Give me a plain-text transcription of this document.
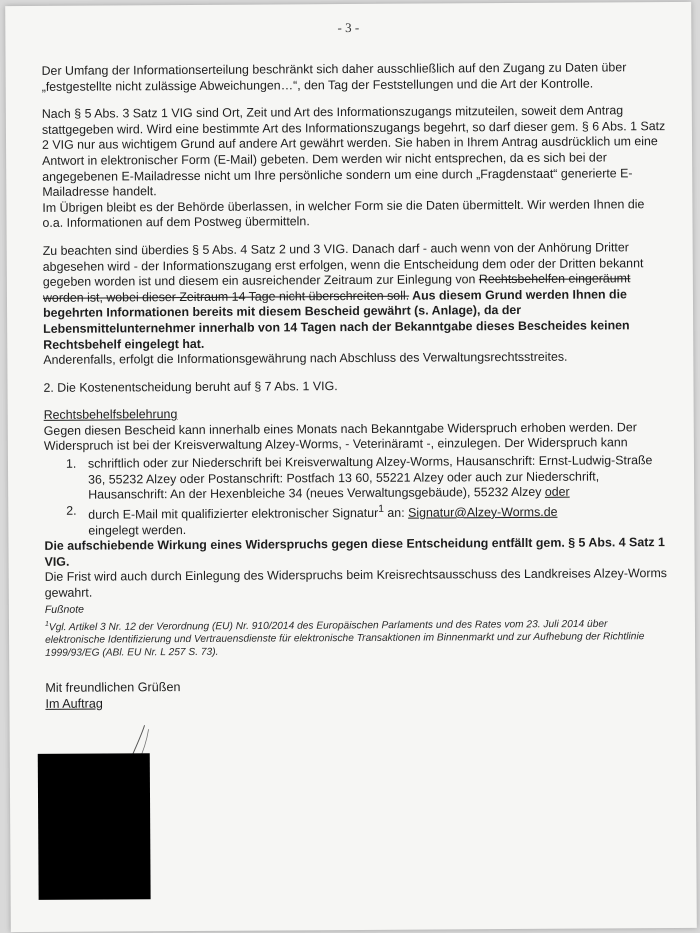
- 3 -

Der Umfang der Informationserteilung beschränkt sich daher ausschließlich auf den Zugang zu Daten über „festgestellte nicht zulässige Abweichungen…“, den Tag der Feststellungen und die Art der Kontrolle.

Nach § 5 Abs. 3 Satz 1 VIG sind Ort, Zeit und Art des Informationszugangs mitzuteilen, soweit dem Antrag stattgegeben wird. Wird eine bestimmte Art des Informationszugangs begehrt, so darf dieser gem. § 6 Abs. 1 Satz 2 VIG nur aus wichtigem Grund auf andere Art gewährt werden. Sie haben in Ihrem Antrag ausdrücklich um eine Antwort in elektronischer Form (E-Mail) gebeten. Dem werden wir nicht entsprechen, da es sich bei der angegebenen E-Mailadresse nicht um Ihre persönliche sondern um eine durch „Fragdenstaat“ generierte E-Mailadresse handelt.

Im Übrigen bleibt es der Behörde überlassen, in welcher Form sie die Daten übermittelt. Wir werden Ihnen die o.a. Informationen auf dem Postweg übermitteln.

Zu beachten sind überdies § 5 Abs. 4 Satz 2 und 3 VIG. Danach darf - auch wenn von der Anhörung Dritter abgesehen wird - der Informationszugang erst erfolgen, wenn die Entscheidung dem oder der Dritten bekannt gegeben worden ist und diesem ein ausreichender Zeitraum zur Einlegung von Rechtsbehelfen eingeräumt worden ist, wobei dieser Zeitraum 14 Tage nicht überschreiten soll. Aus diesem Grund werden Ihnen die begehrten Informationen bereits mit diesem Bescheid gewährt (s. Anlage), da der Lebensmittelunternehmer innerhalb von 14 Tagen nach der Bekanntgabe dieses Bescheides keinen Rechtsbehelf eingelegt hat.
Anderenfalls, erfolgt die Informationsgewährung nach Abschluss des Verwaltungsrechtsstreites.

2. Die Kostenentscheidung beruht auf § 7 Abs. 1 VIG.

Rechtsbehelfsbelehrung
Gegen diesen Bescheid kann innerhalb eines Monats nach Bekanntgabe Widerspruch erhoben werden. Der Widerspruch ist bei der Kreisverwaltung Alzey-Worms, - Veterinäramt -, einzulegen. Der Widerspruch kann
1. schriftlich oder zur Niederschrift bei Kreisverwaltung Alzey-Worms, Hausanschrift: Ernst-Ludwig-Straße 36, 55232 Alzey oder Postanschrift: Postfach 13 60, 55221 Alzey oder auch zur Niederschrift, Hausanschrift: An der Hexenbleiche 34 (neues Verwaltungsgebäude), 55232 Alzey oder
2. durch E-Mail mit qualifizierter elektronischer Signatur$^1$ an: Signatur@Alzey-Worms.de
eingelegt werden.
Die aufschiebende Wirkung eines Widerspruchs gegen diese Entscheidung entfällt gem. § 5 Abs. 4 Satz 1 VIG.
Die Frist wird auch durch Einlegung des Widerspruchs beim Kreisrechtsausschuss des Landkreises Alzey-Worms gewahrt.
Fußnote
$^1$Vgl. Artikel 3 Nr. 12 der Verordnung (EU) Nr. 910/2014 des Europäischen Parlaments und des Rates vom 23. Juli 2014 über elektronische Identifizierung und Vertrauensdienste für elektronische Transaktionen im Binnenmarkt und zur Aufhebung der Richtlinie 1999/93/EG (ABl. EU Nr. L 257 S. 73).
Mit freundlichen Grüßen
Im Auftrag
